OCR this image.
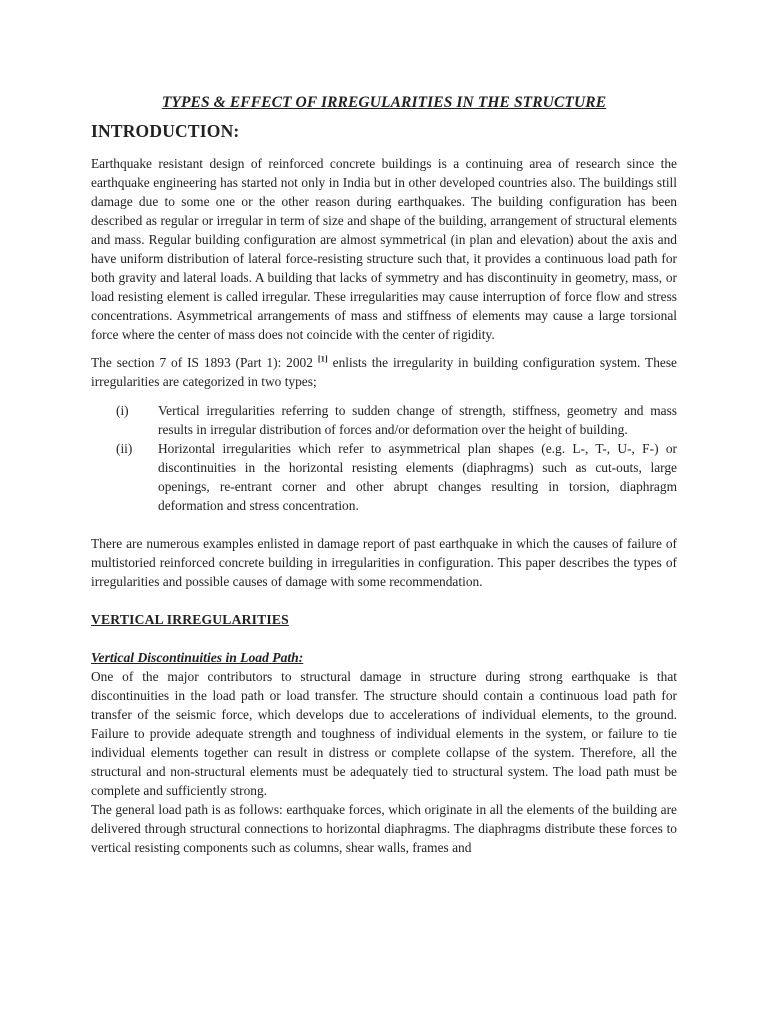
TYPES & EFFECT OF IRREGULARITIES IN THE STRUCTURE
INTRODUCTION:

Earthquake resistant design of reinforced concrete buildings is a continuing area of research since the earthquake engineering has started not only in India but in other developed countries also. The buildings still damage due to some one or the other reason during earthquakes. The building configuration has been described as regular or irregular in term of size and shape of the building, arrangement of structural elements and mass. Regular building configuration are almost symmetrical (in plan and elevation) about the axis and have uniform distribution of lateral force-resisting structure such that, it provides a continuous load path for both gravity and lateral loads. A building that lacks of symmetry and has discontinuity in geometry, mass, or load resisting element is called irregular. These irregularities may cause interruption of force flow and stress concentrations. Asymmetrical arrangements of mass and stiffness of elements may cause a large torsional force where the center of mass does not coincide with the center of rigidity.

The section 7 of IS 1893 (Part 1): 2002 [1] enlists the irregularity in building configuration system. These irregularities are categorized in two types;

(i)	Vertical irregularities referring to sudden change of strength, stiffness, geometry and mass results in irregular distribution of forces and/or deformation over the height of building.
(ii)	Horizontal irregularities which refer to asymmetrical plan shapes (e.g. L-, T-, U-, F-) or discontinuities in the horizontal resisting elements (diaphragms) such as cut-outs, large openings, re-entrant corner and other abrupt changes resulting in torsion, diaphragm deformation and stress concentration.

There are numerous examples enlisted in damage report of past earthquake in which the causes of failure of multistoried reinforced concrete building in irregularities in configuration. This paper describes the types of irregularities and possible causes of damage with some recommendation.

VERTICAL IRREGULARITIES
Vertical Discontinuities in Load Path:

One of the major contributors to structural damage in structure during strong earthquake is that discontinuities in the load path or load transfer. The structure should contain a continuous load path for transfer of the seismic force, which develops due to accelerations of individual elements, to the ground. Failure to provide adequate strength and toughness of individual elements in the system, or failure to tie individual elements together can result in distress or complete collapse of the system. Therefore, all the structural and non-structural elements must be adequately tied to structural system. The load path must be complete and sufficiently strong.

The general load path is as follows: earthquake forces, which originate in all the elements of the building are delivered through structural connections to horizontal diaphragms. The diaphragms distribute these forces to vertical resisting components such as columns, shear walls, frames and
